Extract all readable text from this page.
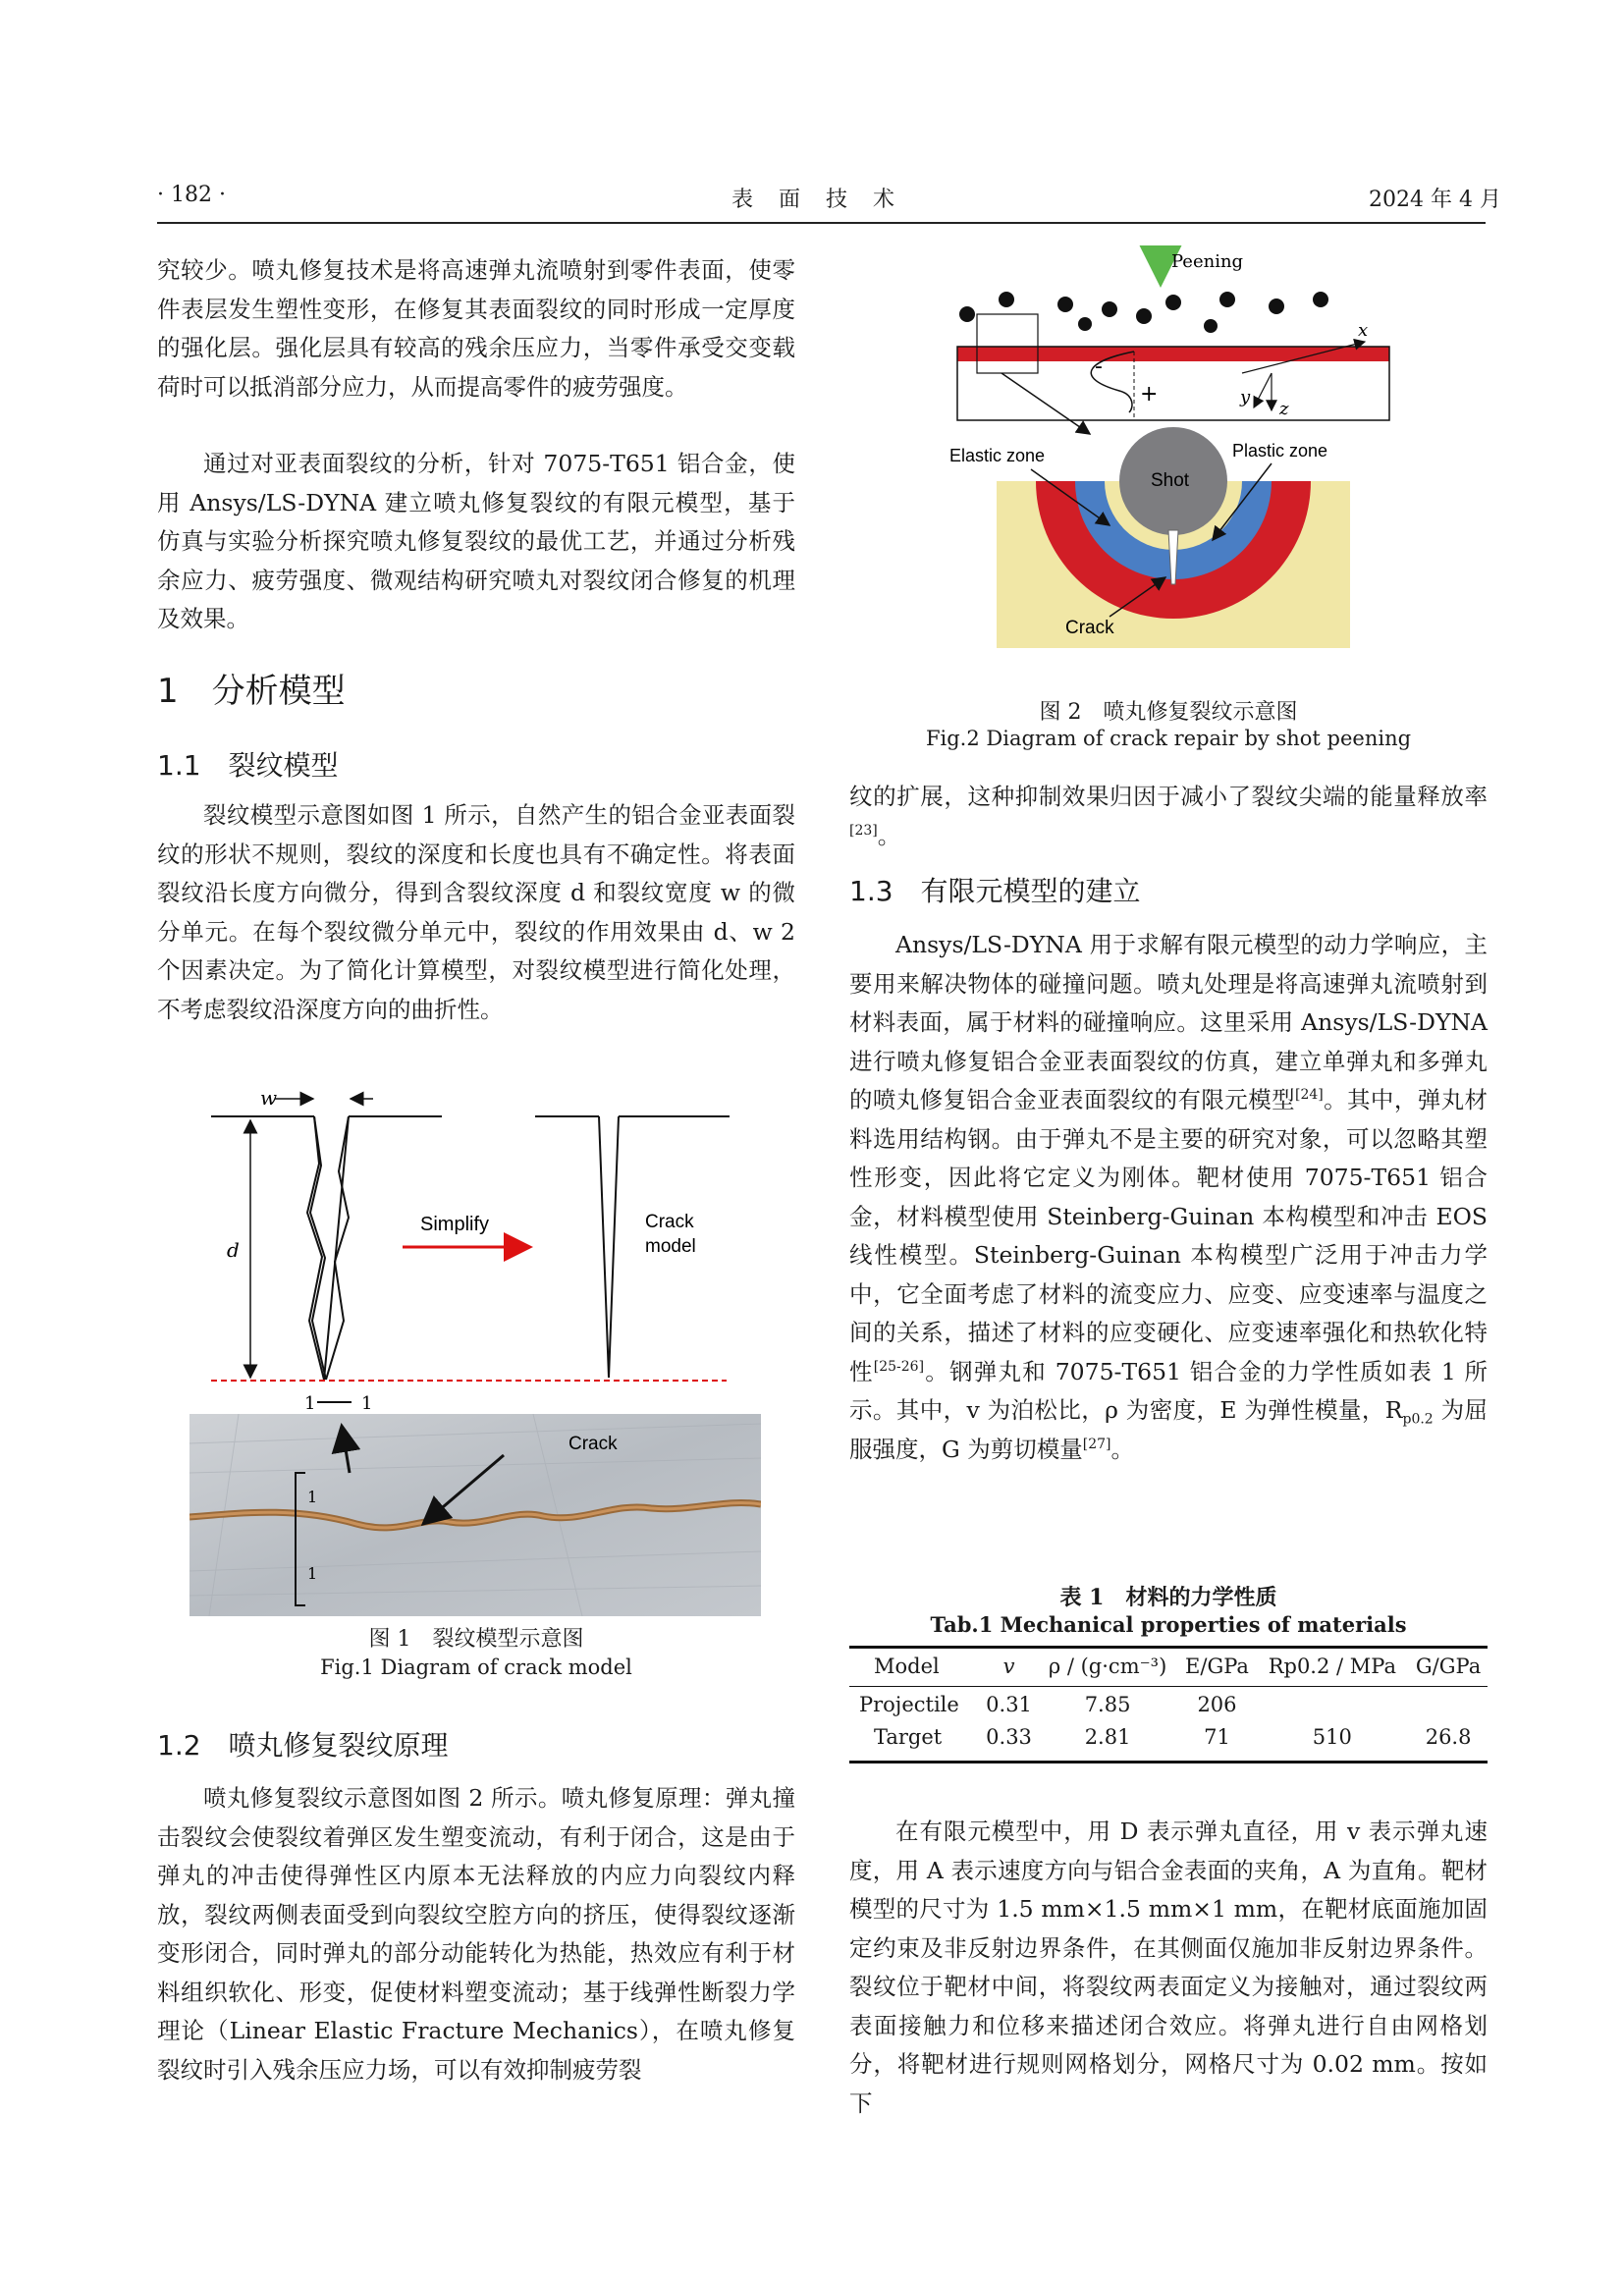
· 182 ·	表　面　技　术	2024 年 4 月

究较少。喷丸修复技术是将高速弹丸流喷射到零件表面，使零件表层发生塑性变形，在修复其表面裂纹的同时形成一定厚度的强化层。强化层具有较高的残余压应力，当零件承受交变载荷时可以抵消部分应力，从而提高零件的疲劳强度。

通过对亚表面裂纹的分析，针对 7075-T651 铝合金，使用 Ansys/LS-DYNA 建立喷丸修复裂纹的有限元模型，基于仿真与实验分析探究喷丸修复裂纹的最优工艺，并通过分析残余应力、疲劳强度、微观结构研究喷丸对裂纹闭合修复的机理及效果。

1　分析模型
1.1　裂纹模型

裂纹模型示意图如图 1 所示，自然产生的铝合金亚表面裂纹的形状不规则，裂纹的深度和长度也具有不确定性。将表面裂纹沿长度方向微分，得到含裂纹深度 d 和裂纹宽度 w 的微分单元。在每个裂纹微分单元中，裂纹的作用效果由 d、w 2 个因素决定。为了简化计算模型，对裂纹模型进行简化处理，不考虑裂纹沿深度方向的曲折性。

w
d
Simplify	Crack
model
1	1
1
1
Crack
图 1　裂纹模型示意图
Fig.1 Diagram of crack model
1.2　喷丸修复裂纹原理

喷丸修复裂纹示意图如图 2 所示。喷丸修复原理：弹丸撞击裂纹会使裂纹着弹区发生塑变流动，有利于闭合，这是由于弹丸的冲击使得弹性区内原本无法释放的内应力向裂纹内释放，裂纹两侧表面受到向裂纹空腔方向的挤压，使得裂纹逐渐变形闭合，同时弹丸的部分动能转化为热能，热效应有利于材料组织软化、形变，促使材料塑变流动；基于线弹性断裂力学理论（Linear Elastic Fracture Mechanics），在喷丸修复裂纹时引入残余压应力场，可以有效抑制疲劳裂

Peening
-
+
x
y
z
Shot
Elastic zone	Plastic zone
Crack
图 2　喷丸修复裂纹示意图
Fig.2 Diagram of crack repair by shot peening

纹的扩展，这种抑制效果归因于减小了裂纹尖端的能量释放率[23]。

1.3　有限元模型的建立

Ansys/LS-DYNA 用于求解有限元模型的动力学响应，主要用来解决物体的碰撞问题。喷丸处理是将高速弹丸流喷射到材料表面，属于材料的碰撞响应。这里采用 Ansys/LS-DYNA 进行喷丸修复铝合金亚表面裂纹的仿真，建立单弹丸和多弹丸的喷丸修复铝合金亚表面裂纹的有限元模型[24]。其中，弹丸材料选用结构钢。由于弹丸不是主要的研究对象，可以忽略其塑性形变，因此将它定义为刚体。靶材使用 7075-T651 铝合金，材料模型使用 Steinberg-Guinan 本构模型和冲击 EOS 线性模型。Steinberg-Guinan 本构模型广泛用于冲击力学中，它全面考虑了材料的流变应力、应变、应变速率与温度之间的关系，描述了材料的应变硬化、应变速率强化和热软化特性[25-26]。钢弹丸和 7075-T651 铝合金的力学性质如表 1 所示。其中，v 为泊松比，ρ 为密度，E 为弹性模量，$R_{p0.2}$ 为屈服强度，G 为剪切模量[27]。

表 1　材料的力学性质
Tab.1 Mechanical properties of materials
Model	v	ρ / (g·cm⁻³)	E/GPa	Rp0.2 / MPa	G/GPa
Projectile	0.31	7.85	206		
Target	0.33	2.81	71	510	26.8

在有限元模型中，用 D 表示弹丸直径，用 v 表示弹丸速度，用 A 表示速度方向与铝合金表面的夹角，A 为直角。靶材模型的尺寸为 1.5 mm×1.5 mm×1 mm，在靶材底面施加固定约束及非反射边界条件，在其侧面仅施加非反射边界条件。裂纹位于靶材中间，将裂纹两表面定义为接触对，通过裂纹两表面接触力和位移来描述闭合效应。将弹丸进行自由网格划分，将靶材进行规则网格划分，网格尺寸为 0.02 mm。按如下
